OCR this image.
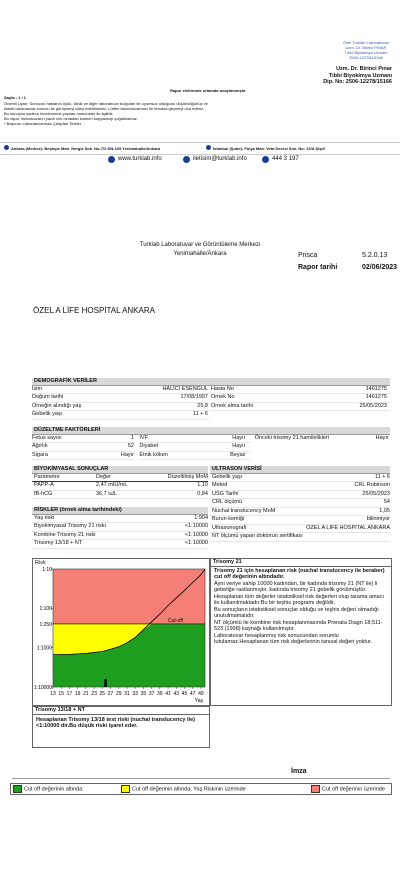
Özel Turklab Laboratuvarı
Uzm. Dr. Birinci PINAR
Tıbbi Biyokimya Uzmanı
2506-12278/15166
Uzm. Dr. Birinci Pınar
Tıbbi Biyokimya Uzmanı
Dip. No: 2506-12278/15166
Rapor elektronik ortamda onaylanmıştır.
Sayfa : 1 / 1
Önemli Uyarı: Sonucun hastanın öykü, klinik ve diğer laboratuvar bulguları ile uyumsuz olduğunu düşündüğünüz ve
ekteki laboratuvar sonucu ile görüşmeyi talep edebilirsiniz. Lütfen laboratuvarımız ile temasa geçmeyi rica ederiz.
Bu sonuçlar sadece incelenmesi yapılan numuneler ile ilgilidir.
Bu rapor, laboratuvarın yazılı izni olmadan kısmen kopyalanıp çoğaltılamaz.
* Başvuru Laboratuvarında Çalışılan Testler
Ankara (Merkez): Beştepe Mah. Nergiz Sok. No:7/2 DN:109 Yenimahalle/Ankara	İstanbul (Şube): Fulya Mah. Vefa Deresi Sok. No: 13/A Şişli/
www.turklab.info	iletisim@turklab.info	444 3 197
Turklab Laboratuvar ve Görüntüleme Merkezi
Yenimahalle/Ankara	Prisca	5.2.0.13
Rapor tarihi	02/06/2023
ÖZEL A LİFE HOSPİTAL ANKARA
DEMOGRAFİK VERİLER
İsim	HALICI ESENGÜL
Doğum tarihi	17/08/1997
Örneğin alındığı yaş	25,8
Gebelik yaşı	11 + 6
Hasta No	1461275
Örnek No	1461275
Örnek alma tarihi	25/05/2023
DÜZELTME FAKTÖRLERİ
Fetus sayısı	1
Ağırlık	52
Sigara	Hayır
IVF	Hayır
Diyabet	Hayır
Etnik köken	Beyaz
Önceki trisomy 21 hamilelikleri	Hayır
BİYOKİMYASAL SONUÇLAR
Parametre	Değer	Düzeltilmiş MoM
PAPP-A	2,47 mIU/mL	1,10
fB-hCG	36,7 iu/L	0,84
RİSKLER (örnek alma tarihindeki)
Yaş riski	1:904
Biyokimyasal Trisomy 21 riski	<1:10000
Kombine Trisomy 21 riski	<1:10000
Trisomy 13/18 + NT	<1:10000
ULTRASON VERİSİ
Gebelik yaşı	11 + 6
Metod	CRL Robinson
USG Tarihi	25/05/2023
CRL ölçümü	54
Nuchal translucency MoM	1,05
Burun kemiği	bilinmiyor
Ultrasonografi	ÖZEL A LİFE HOSPİTAL ANKARA
NT ölçümü yapan doktorun sertifikası
Risk
Cut-off
1:10
1:100
1:250
1:1000
1:10000
13 15 17 19 21 23 25 27 29 31 33 35 37 39 41 43 45 47 49
Yaş
Trisomy 21
Trisomy 21 için hesaplanan risk (nuchal translucency ile beraber) cut off değerinin altındadır.
Aynı veriye sahip 10000 kadından, bir kadında trisomy 21 (NT ile) li gebeliğe rastlanmıştır. kadında trisomy 21 gebelik görülmüştür.
Hesaplanan tüm değerler istatistiksel risk değerleri olup tarama amacı ile kullanılmaktadır.Bu bir teşhis programı değildir.
Bu sonuçların istatistiksel sonuçlar olduğu ve teşhis değeri olmadığı unutulmamalıdır.
NT ölçümlü ile kombine risk hesaplanmasında Prenata Diagn 18;511-523 (1998) kaynağı kullanılmıştır.
Laboratuvar hesaplanmış risk sonucundan sorumlu tutulamaz.Hesaplanan tüm risk değerlerinin tanısal değeri yoktur.
Trisomy 13/18 + NT
Hesaplanan Trisomy 13/18 test riski (nuchal translucency ile) <1:10000 dir.Bu düşük riski işaret eder.
İmza
Cut off değerinin altında	Cut off değerinin altında, Yaş Riskinin üzerinde	Cut off değerinin üzerinde
